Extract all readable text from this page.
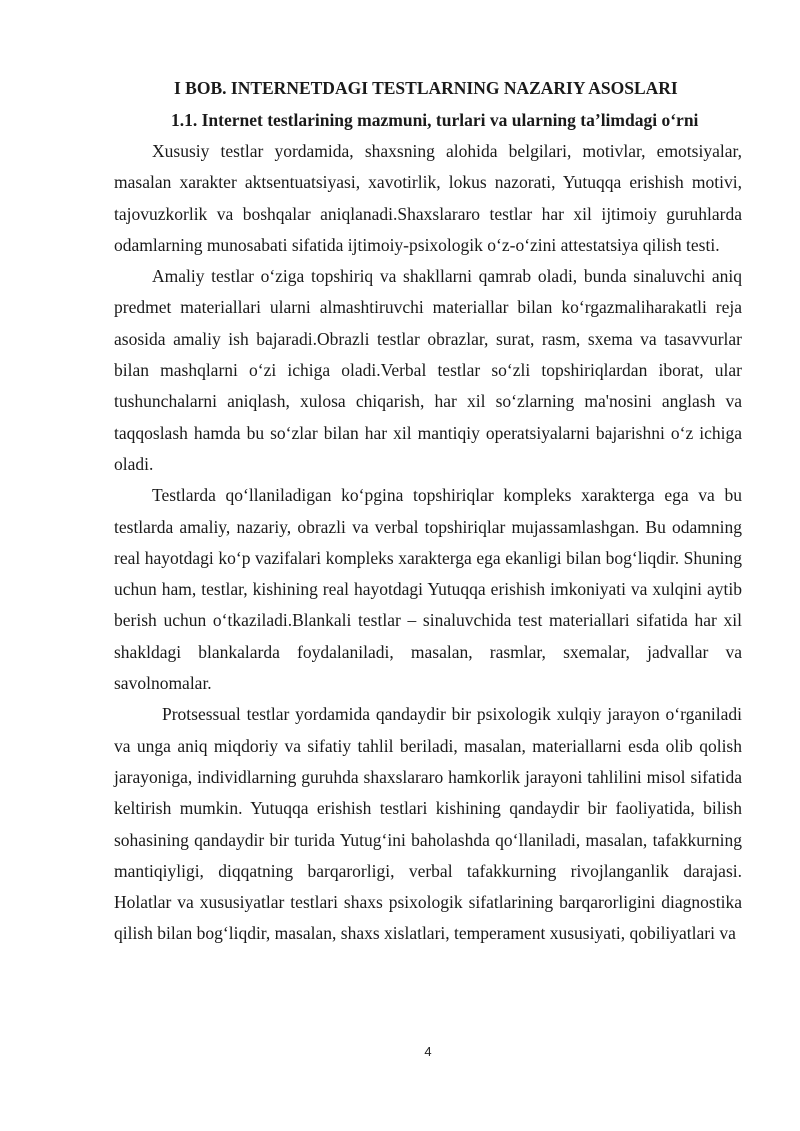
I BOB. INTERNETDAGI TESTLARNING NAZARIY ASOSLARI
1.1. Internet testlarining mazmuni, turlari va ularning ta’limdagi o‘rni

Xususiy testlar yordamida, shaxsning alohida belgilari, motivlar, emotsiyalar, masalan xarakter aktsentuatsiyasi, xavotirlik, lokus nazorati, Yutuqqa erishish motivi, tajovuzkorlik va boshqalar aniqlanadi.Shaxslararo testlar har xil ijtimoiy guruhlarda odamlarning munosabati sifatida ijtimoiy-psixologik o‘z-o‘zini attestatsiya qilish testi.

Amaliy testlar o‘ziga topshiriq va shakllarni qamrab oladi, bunda sinaluvchi aniq predmet materiallari ularni almashtiruvchi materiallar bilan ko‘rgazmaliharakatli reja asosida amaliy ish bajaradi.Obrazli testlar obrazlar, surat, rasm, sxema va tasavvurlar bilan mashqlarni o‘zi ichiga oladi.Verbal testlar so‘zli topshiriqlardan iborat, ular tushunchalarni aniqlash, xulosa chiqarish, har xil so‘zlarning ma'nosini anglash va taqqoslash hamda bu so‘zlar bilan har xil mantiqiy operatsiyalarni bajarishni o‘z ichiga oladi.

Testlarda qo‘llaniladigan ko‘pgina topshiriqlar kompleks xarakterga ega va bu testlarda amaliy, nazariy, obrazli va verbal topshiriqlar mujassamlashgan. Bu odamning real hayotdagi ko‘p vazifalari kompleks xarakterga ega ekanligi bilan bog‘liqdir. Shuning uchun ham, testlar, kishining real hayotdagi Yutuqqa erishish imkoniyati va xulqini aytib berish uchun o‘tkaziladi.Blankali testlar – sinaluvchida test materiallari sifatida har xil shakldagi blankalarda foydalaniladi, masalan, rasmlar, sxemalar, jadvallar va savolnomalar.

Protsessual testlar yordamida qandaydir bir psixologik xulqiy jarayon o‘rganiladi va unga aniq miqdoriy va sifatiy tahlil beriladi, masalan, materiallarni esda olib qolish jarayoniga, individlarning guruhda shaxslararo hamkorlik jarayoni tahlilini misol sifatida keltirish mumkin. Yutuqqa erishish testlari kishining qandaydir bir faoliyatida, bilish sohasining qandaydir bir turida Yutug‘ini baholashda qo‘llaniladi, masalan, tafakkurning mantiqiyligi, diqqatning barqarorligi, verbal tafakkurning rivojlanganlik darajasi. Holatlar va xususiyatlar testlari shaxs psixologik sifatlarining barqarorligini diagnostika qilish bilan bog‘liqdir, masalan, shaxs xislatlari, temperament xususiyati, qobiliyatlari va

4
